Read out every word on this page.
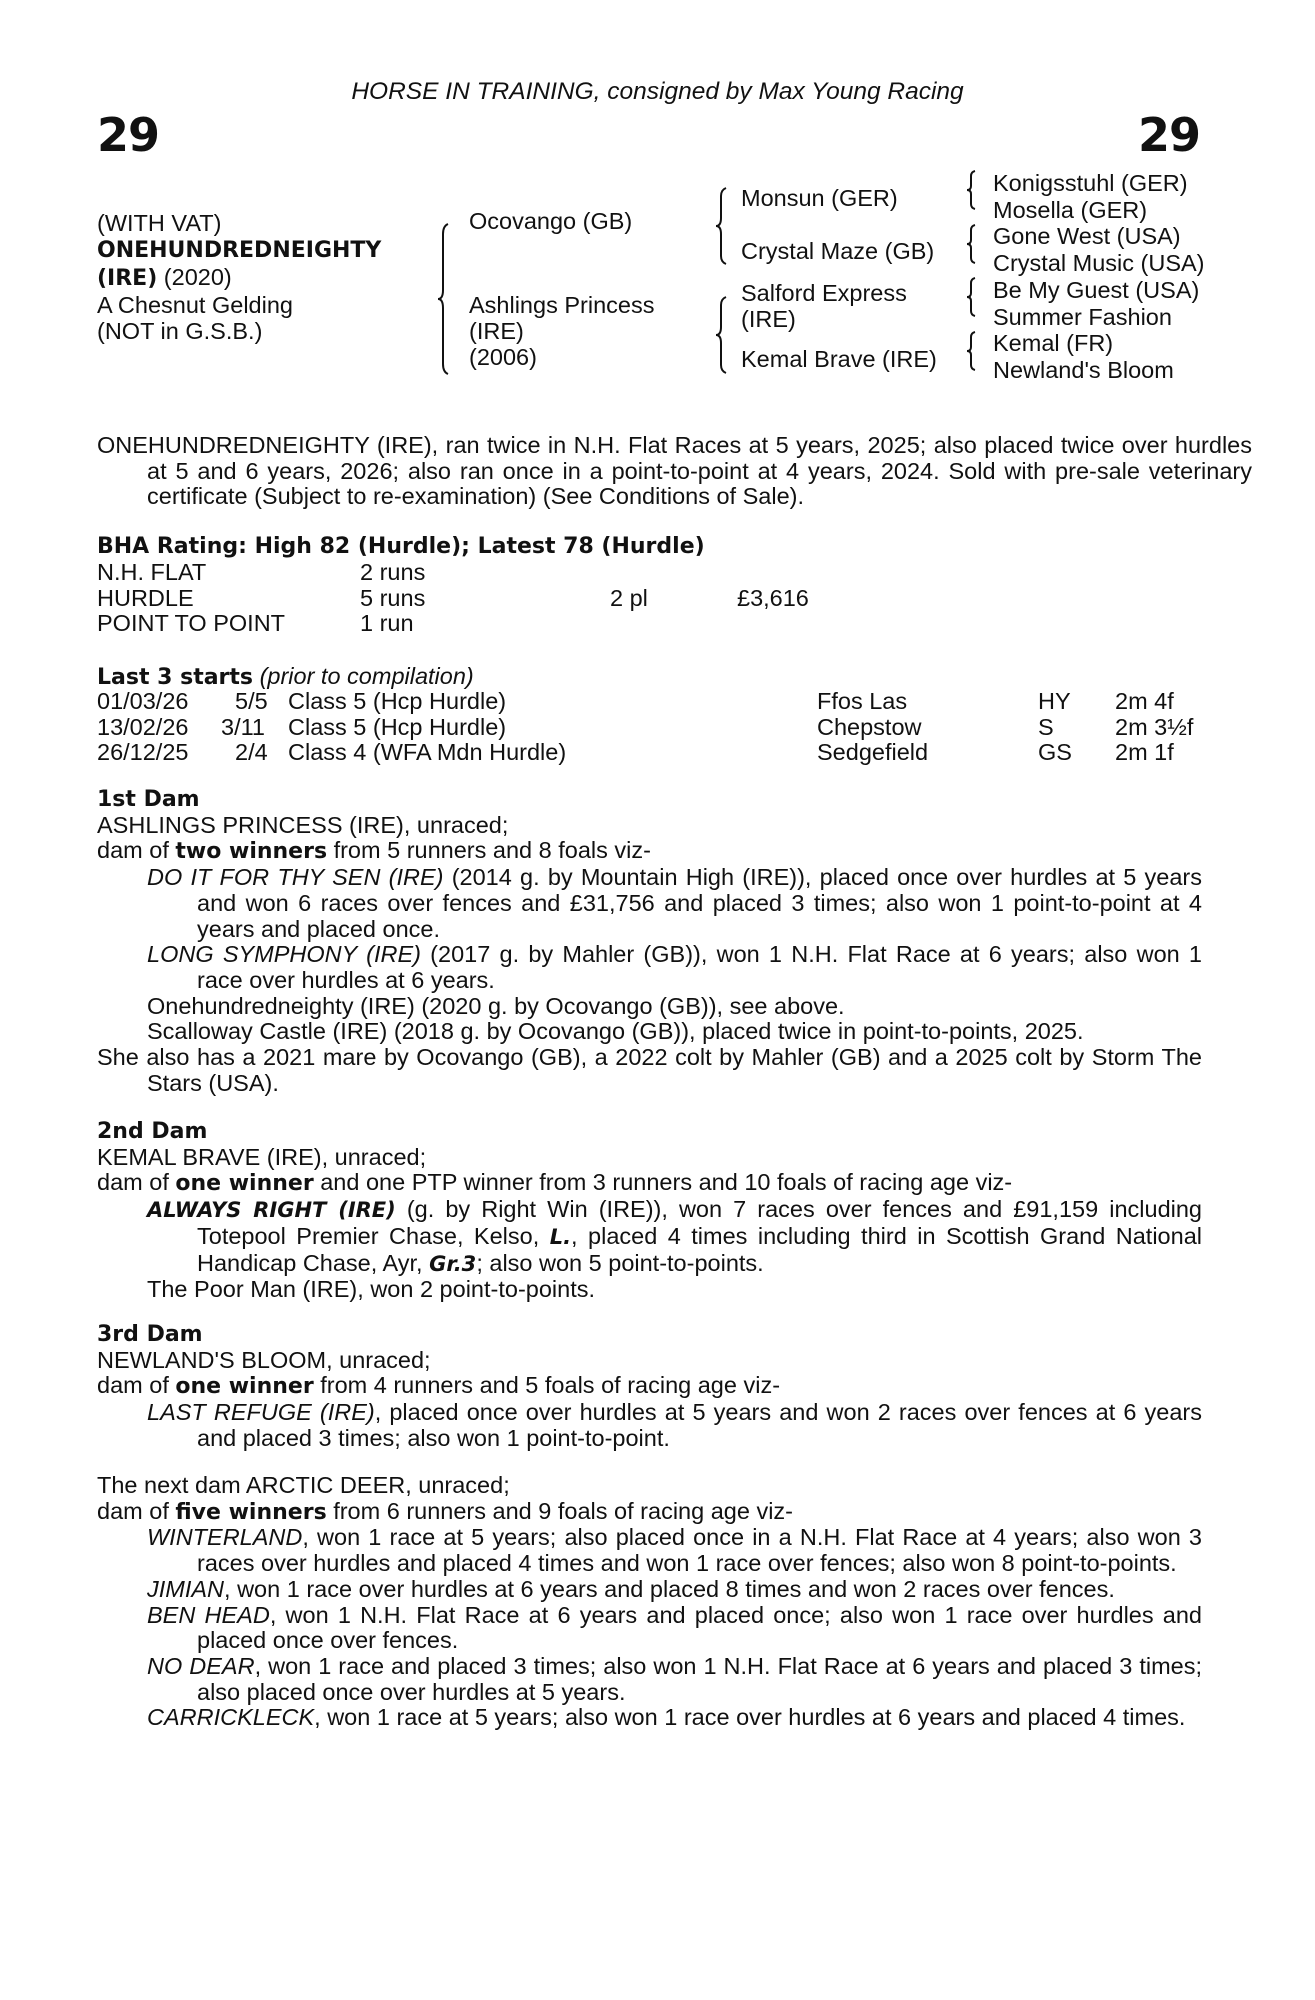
HORSE IN TRAINING, consigned by Max Young Racing
29	29
(WITH VAT)
ONEHUNDREDNEIGHTY
(IRE) (2020)
A Chesnut Gelding
(NOT in G.S.B.)
Ocovango (GB)
Ashlings Princess
(IRE)
(2006)
Monsun (GER)
Crystal Maze (GB)
Salford Express
(IRE)
Kemal Brave (IRE)
Konigsstuhl (GER)
Mosella (GER)
Gone West (USA)
Crystal Music (USA)
Be My Guest (USA)
Summer Fashion
Kemal (FR)
Newland's Bloom
ONEHUNDREDNEIGHTY (IRE), ran twice in N.H. Flat Races at 5 years, 2025; also placed twice over hurdles at 5 and 6 years, 2026; also ran once in a point-to-point at 4 years, 2024. Sold with pre-sale veterinary certificate (Subject to re-examination) (See Conditions of Sale).
BHA Rating: High 82 (Hurdle); Latest 78 (Hurdle)
N.H. FLAT	2 runs
HURDLE	5 runs	2 pl	£3,616
POINT TO POINT	1 run
Last 3 starts (prior to compilation)
01/03/26 5/5 Class 5 (Hcp Hurdle)	Ffos Las	HY 2m 4f
13/02/26 3/11 Class 5 (Hcp Hurdle)	Chepstow	S	2m 3½f
26/12/25 2/4 Class 4 (WFA Mdn Hurdle)	Sedgefield	GS 2m 1f
1st Dam
ASHLINGS PRINCESS (IRE), unraced;
dam of two winners from 5 runners and 8 foals viz-
DO IT FOR THY SEN (IRE) (2014 g. by Mountain High (IRE)), placed once over hurdles at 5 years and won 6 races over fences and £31,756 and placed 3 times; also won 1 point-to-point at 4 years and placed once.
LONG SYMPHONY (IRE) (2017 g. by Mahler (GB)), won 1 N.H. Flat Race at 6 years; also won 1 race over hurdles at 6 years.
Onehundredneighty (IRE) (2020 g. by Ocovango (GB)), see above.
Scalloway Castle (IRE) (2018 g. by Ocovango (GB)), placed twice in point-to-points, 2025.
She also has a 2021 mare by Ocovango (GB), a 2022 colt by Mahler (GB) and a 2025 colt by Storm The Stars (USA).
2nd Dam
KEMAL BRAVE (IRE), unraced;
dam of one winner and one PTP winner from 3 runners and 10 foals of racing age viz-
ALWAYS RIGHT (IRE) (g. by Right Win (IRE)), won 7 races over fences and £91,159 including Totepool Premier Chase, Kelso, L., placed 4 times including third in Scottish Grand National Handicap Chase, Ayr, Gr.3; also won 5 point-to-points.
The Poor Man (IRE), won 2 point-to-points.
3rd Dam
NEWLAND'S BLOOM, unraced;
dam of one winner from 4 runners and 5 foals of racing age viz-
LAST REFUGE (IRE), placed once over hurdles at 5 years and won 2 races over fences at 6 years and placed 3 times; also won 1 point-to-point.
The next dam ARCTIC DEER, unraced;
dam of five winners from 6 runners and 9 foals of racing age viz-
WINTERLAND, won 1 race at 5 years; also placed once in a N.H. Flat Race at 4 years; also won 3 races over hurdles and placed 4 times and won 1 race over fences; also won 8 point-to-points.
JIMIAN, won 1 race over hurdles at 6 years and placed 8 times and won 2 races over fences.
BEN HEAD, won 1 N.H. Flat Race at 6 years and placed once; also won 1 race over hurdles and placed once over fences.
NO DEAR, won 1 race and placed 3 times; also won 1 N.H. Flat Race at 6 years and placed 3 times; also placed once over hurdles at 5 years.
CARRICKLECK, won 1 race at 5 years; also won 1 race over hurdles at 6 years and placed 4 times.
